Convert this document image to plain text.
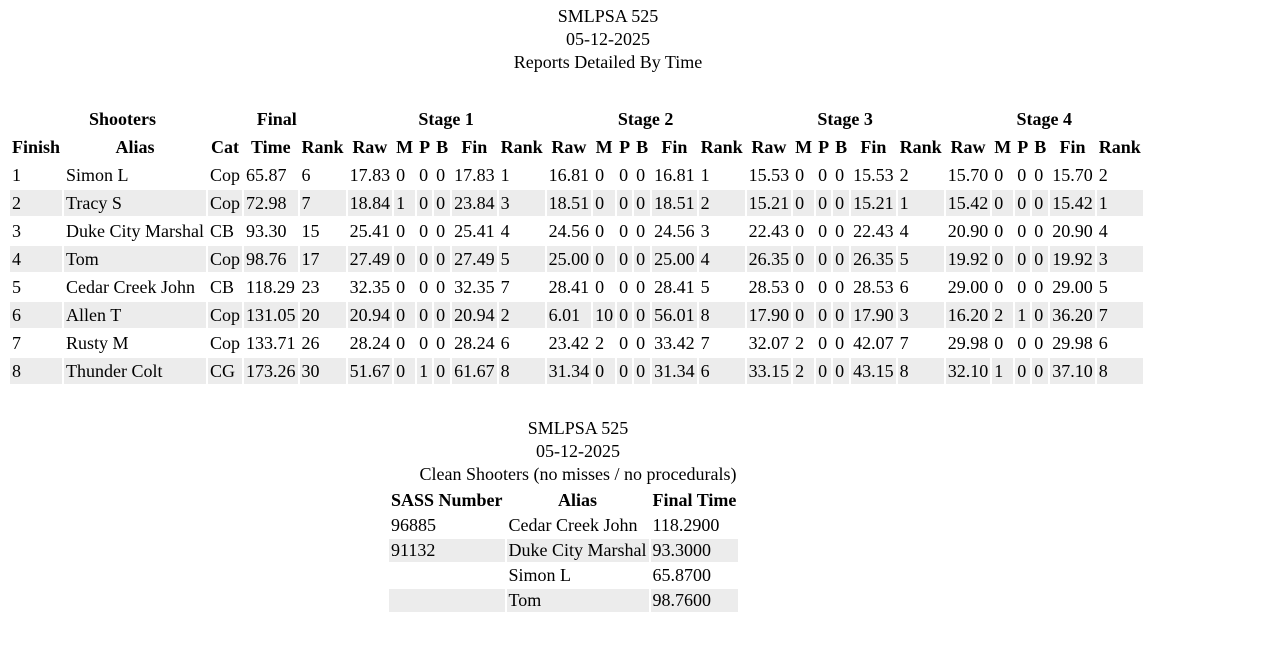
SMLPSA 525
05-12-2025
Reports Detailed By Time
Shooters		Final			Stage 1						Stage 2						Stage 3						Stage 4					
Finish	Alias	Cat	Time	Rank	Raw	M	P	B	Fin	Rank	Raw	M	P	B	Fin	Rank	Raw	M	P	B	Fin	Rank	Raw	M	P	B	Fin	Rank
1	Simon L	Cop	65.87	6	17.83	0	0	0	17.83	1	16.81	0	0	0	16.81	1	15.53	0	0	0	15.53	2	15.70	0	0	0	15.70	2
2	Tracy S	Cop	72.98	7	18.84	1	0	0	23.84	3	18.51	0	0	0	18.51	2	15.21	0	0	0	15.21	1	15.42	0	0	0	15.42	1
3	Duke City Marshal	CB	93.30	15	25.41	0	0	0	25.41	4	24.56	0	0	0	24.56	3	22.43	0	0	0	22.43	4	20.90	0	0	0	20.90	4
4	Tom	Cop	98.76	17	27.49	0	0	0	27.49	5	25.00	0	0	0	25.00	4	26.35	0	0	0	26.35	5	19.92	0	0	0	19.92	3
5	Cedar Creek John	CB	118.29	23	32.35	0	0	0	32.35	7	28.41	0	0	0	28.41	5	28.53	0	0	0	28.53	6	29.00	0	0	0	29.00	5
6	Allen T	Cop	131.05	20	20.94	0	0	0	20.94	2	6.01	10	0	0	56.01	8	17.90	0	0	0	17.90	3	16.20	2	1	0	36.20	7
7	Rusty M	Cop	133.71	26	28.24	0	0	0	28.24	6	23.42	2	0	0	33.42	7	32.07	2	0	0	42.07	7	29.98	0	0	0	29.98	6
8	Thunder Colt	CG	173.26	30	51.67	0	1	0	61.67	8	31.34	0	0	0	31.34	6	33.15	2	0	0	43.15	8	32.10	1	0	0	37.10	8
SMLPSA 525
05-12-2025
Clean Shooters (no misses / no procedurals)
SASS Number	Alias	Final Time
96885	Cedar Creek John	118.2900
91132	Duke City Marshal	93.3000
	Simon L	65.8700
	Tom	98.7600
